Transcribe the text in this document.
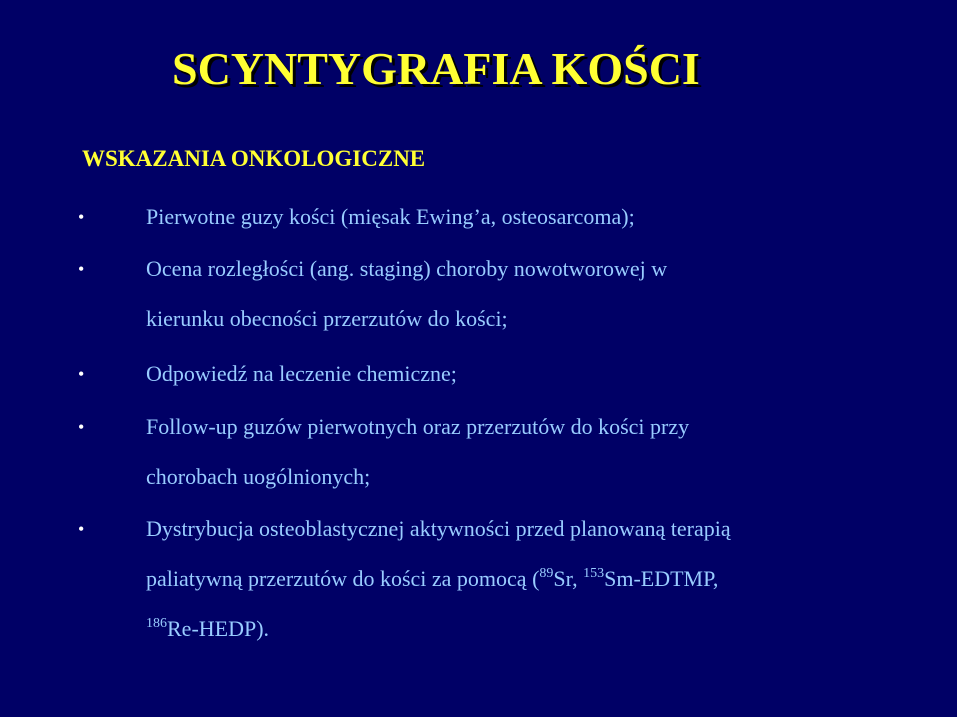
SCYNTYGRAFIA KOŚCI
WSKAZANIA ONKOLOGICZNE
•	Pierwotne guzy kości (mięsak Ewing’a, osteosarcoma);
•	Ocena rozległości (ang. staging) choroby nowotworowej w
kierunku obecności przerzutów do kości;
•	Odpowiedź na leczenie chemiczne;
•	Follow-up guzów pierwotnych oraz przerzutów do kości przy
chorobach uogólnionych;
•	Dystrybucja osteoblastycznej aktywności przed planowaną terapią
paliatywną przerzutów do kości za pomocą ($^{89}$Sr, $^{153}$Sm-EDTMP,
$^{186}$Re-HEDP).
